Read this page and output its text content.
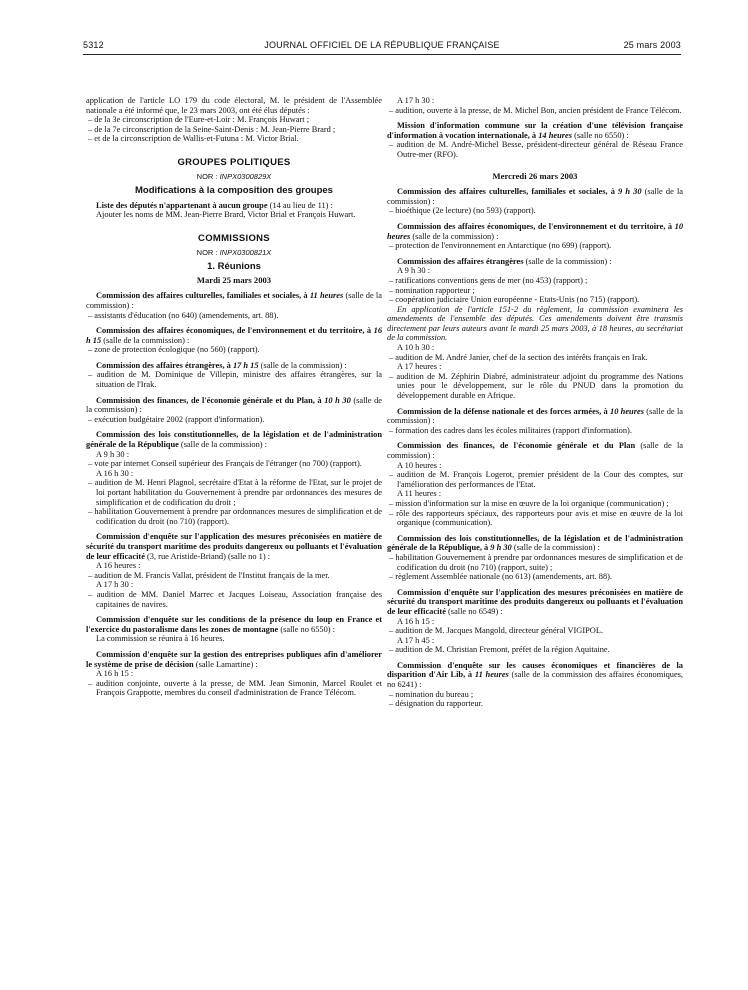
5312	JOURNAL OFFICIEL DE LA RÉPUBLIQUE FRANÇAISE	25 mars 2003

application de l'article LO 179 du code électoral, M. le président de l'Assemblée nationale a été informé que, le 23 mars 2003, ont été élus députés :

– de la 3e circonscription de l'Eure-et-Loir : M. François Huwart ;

– de la 7e circonscription de la Seine-Saint-Denis : M. Jean-Pierre Brard ;

– et de la circonscription de Wallis-et-Futuna : M. Victor Brial.

GROUPES POLITIQUES
NOR : INPX0300829X
Modifications à la composition des groupes

Liste des députés n'appartenant à aucun groupe (14 au lieu de 11) :

Ajouter les noms de MM. Jean-Pierre Brard, Victor Brial et François Huwart.

COMMISSIONS
NOR : INPX0300821X
1. Réunions
Mardi 25 mars 2003

Commission des affaires culturelles, familiales et sociales, à 11 heures (salle de la commission) :

– assistants d'éducation (no 640) (amendements, art. 88).

Commission des affaires économiques, de l'environnement et du territoire, à 16 h 15 (salle de la commission) :

– zone de protection écologique (no 560) (rapport).

Commission des affaires étrangères, à 17 h 15 (salle de la commission) :

– audition de M. Dominique de Villepin, ministre des affaires étrangères, sur la situation de l'Irak.

Commission des finances, de l'économie générale et du Plan, à 10 h 30 (salle de la commission) :

– exécution budgétaire 2002 (rapport d'information).

Commission des lois constitutionnelles, de la législation et de l'administration générale de la République (salle de la commission) :

A 9 h 30 :

– vote par internet Conseil supérieur des Français de l'étranger (no 700) (rapport).

A 16 h 30 :

– audition de M. Henri Plagnol, secrétaire d'Etat à la réforme de l'Etat, sur le projet de loi portant habilitation du Gouvernement à prendre par ordonnances des mesures de simplification et de codification du droit ;

– habilitation Gouvernement à prendre par ordonnances mesures de simplification et de codification du droit (no 710) (rapport).

Commission d'enquête sur l'application des mesures préconisées en matière de sécurité du transport maritime des produits dangereux ou polluants et l'évaluation de leur efficacité (3, rue Aristide-Briand) (salle no 1) :

A 16 heures :

– audition de M. Francis Vallat, président de l'Institut français de la mer.

A 17 h 30 :

– audition de MM. Daniel Marrec et Jacques Loiseau, Association française des capitaines de navires.

Commission d'enquête sur les conditions de la présence du loup en France et l'exercice du pastoralisme dans les zones de montagne (salle no 6550) :

La commission se réunira à 16 heures.

Commission d'enquête sur la gestion des entreprises publiques afin d'améliorer le système de prise de décision (salle Lamartine) :

A 16 h 15 :

– audition conjointe, ouverte à la presse, de MM. Jean Simonin, Marcel Roulet et François Grappotte, membres du conseil d'administration de France Télécom.

A 17 h 30 :

– audition, ouverte à la presse, de M. Michel Bon, ancien président de France Télécom.

Mission d'information commune sur la création d'une télévision française d'information à vocation internationale, à 14 heures (salle no 6550) :

– audition de M. André-Michel Besse, président-directeur général de Réseau France Outre-mer (RFO).

Mercredi 26 mars 2003

Commission des affaires culturelles, familiales et sociales, à 9 h 30 (salle de la commission) :

– bioéthique (2e lecture) (no 593) (rapport).

Commission des affaires économiques, de l'environnement et du territoire, à 10 heures (salle de la commission) :

– protection de l'environnement en Antarctique (no 699) (rapport).

Commission des affaires étrangères (salle de la commission) :

A 9 h 30 :

– ratifications conventions gens de mer (no 453) (rapport) ;

– nomination rapporteur ;

– coopération judiciaire Union européenne - Etats-Unis (no 715) (rapport).

En application de l'article 151-2 du règlement, la commission examinera les amendements de l'ensemble des députés. Ces amendements doivent être transmis directement par leurs auteurs avant le mardi 25 mars 2003, à 18 heures, au secrétariat de la commission.

A 10 h 30 :

– audition de M. André Janier, chef de la section des intérêts français en Irak.

A 17 heures :

– audition de M. Zéphirin Diabré, administrateur adjoint du programme des Nations unies pour le développement, sur le rôle du PNUD dans la promotion du développement durable en Afrique.

Commission de la défense nationale et des forces armées, à 10 heures (salle de la commission) :

– formation des cadres dans les écoles militaires (rapport d'information).

Commission des finances, de l'économie générale et du Plan (salle de la commission) :

A 10 heures :

– audition de M. François Logerot, premier président de la Cour des comptes, sur l'amélioration des performances de l'Etat.

A 11 heures :

– mission d'information sur la mise en œuvre de la loi organique (communication) ;

– rôle des rapporteurs spéciaux, des rapporteurs pour avis et mise en œuvre de la loi organique (communication).

Commission des lois constitutionnelles, de la législation et de l'administration générale de la République, à 9 h 30 (salle de la commission) :

– habilitation Gouvernement à prendre par ordonnances mesures de simplification et de codification du droit (no 710) (rapport, suite) ;

– règlement Assemblée nationale (no 613) (amendements, art. 88).

Commission d'enquête sur l'application des mesures préconisées en matière de sécurité du transport maritime des produits dangereux ou polluants et l'évaluation de leur efficacité (salle no 6549) :

A 16 h 15 :

– audition de M. Jacques Mangold, directeur général VIGIPOL.

A 17 h 45 :

– audition de M. Christian Fremont, préfet de la région Aquitaine.

Commission d'enquête sur les causes économiques et financières de la disparition d'Air Lib, à 11 heures (salle de la commission des affaires économiques, no 6241) :

– nomination du bureau ;

– désignation du rapporteur.
